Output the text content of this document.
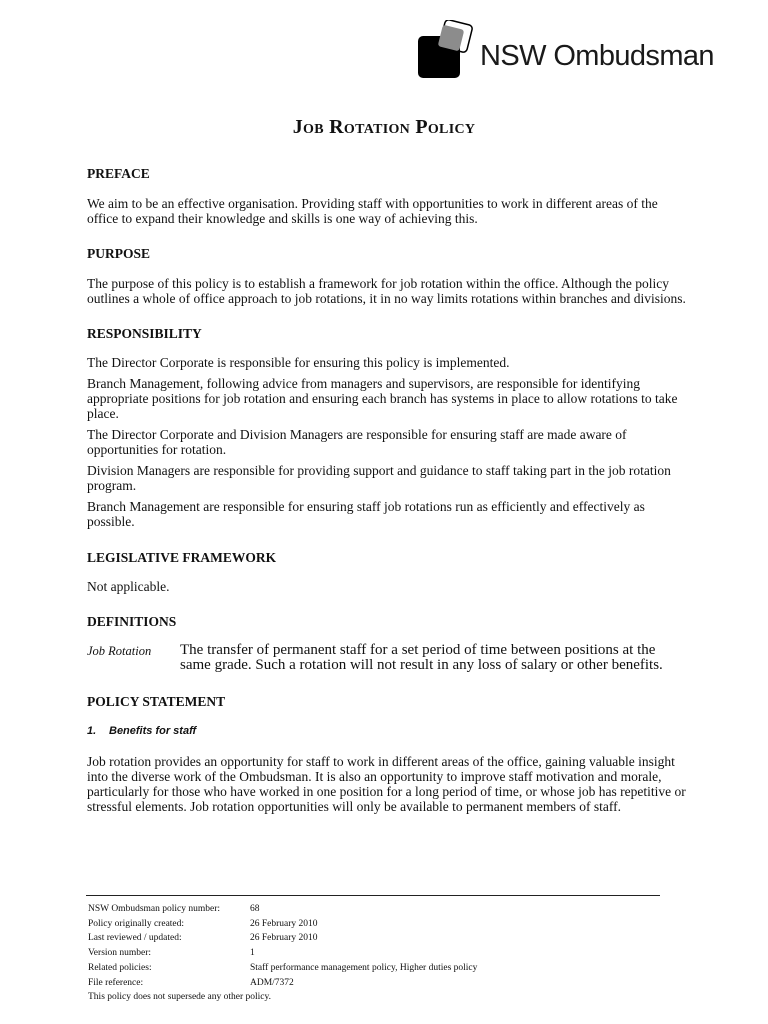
NSW Ombudsman
Job Rotation Policy
PREFACE

We aim to be an effective organisation. Providing staff with opportunities to work in different areas of the office to expand their knowledge and skills is one way of achieving this.

PURPOSE

The purpose of this policy is to establish a framework for job rotation within the office. Although the policy outlines a whole of office approach to job rotations, it in no way limits rotations within branches and divisions.

RESPONSIBILITY

The Director Corporate is responsible for ensuring this policy is implemented.

Branch Management, following advice from managers and supervisors, are responsible for identifying appropriate positions for job rotation and ensuring each branch has systems in place to allow rotations to take place.

The Director Corporate and Division Managers are responsible for ensuring staff are made aware of opportunities for rotation.

Division Managers are responsible for providing support and guidance to staff taking part in the job rotation program.

Branch Management are responsible for ensuring staff job rotations run as efficiently and effectively as possible.

LEGISLATIVE FRAMEWORK

Not applicable.

DEFINITIONS
Job Rotation	The transfer of permanent staff for a set period of time between positions at the same grade. Such a rotation will not result in any loss of salary or other benefits.
POLICY STATEMENT
1. Benefits for staff

Job rotation provides an opportunity for staff to work in different areas of the office, gaining valuable insight into the diverse work of the Ombudsman. It is also an opportunity to improve staff motivation and morale, particularly for those who have worked in one position for a long period of time, or whose job has repetitive or stressful elements. Job rotation opportunities will only be available to permanent members of staff.

NSW Ombudsman policy number:	68
Policy originally created:	26 February 2010
Last reviewed / updated:	26 February 2010
Version number:	1
Related policies:	Staff performance management policy, Higher duties policy
File reference:	ADM/7372
This policy does not supersede any other policy.
